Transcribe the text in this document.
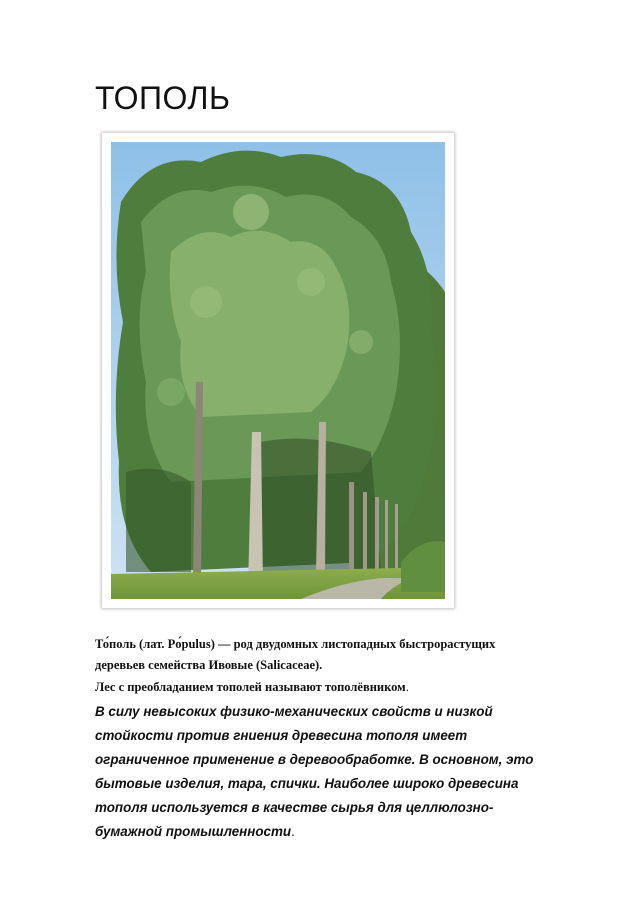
ТОПОЛЬ
То́поль (лат. Pо́pulus) — род двудомных листопадных быстрорастущих деревьев семейства Ивовые (Salicaceae).
Лес с преобладанием тополей называют тополёвником.
В силу невысоких физико-механических свойств и низкой стойкости против гниения древесина тополя имеет ограниченное применение в деревообработке. В основном, это бытовые изделия, тара, спички. Наиболее широко древесина тополя используется в качестве сырья для целлюлозно-бумажной промышленности.
